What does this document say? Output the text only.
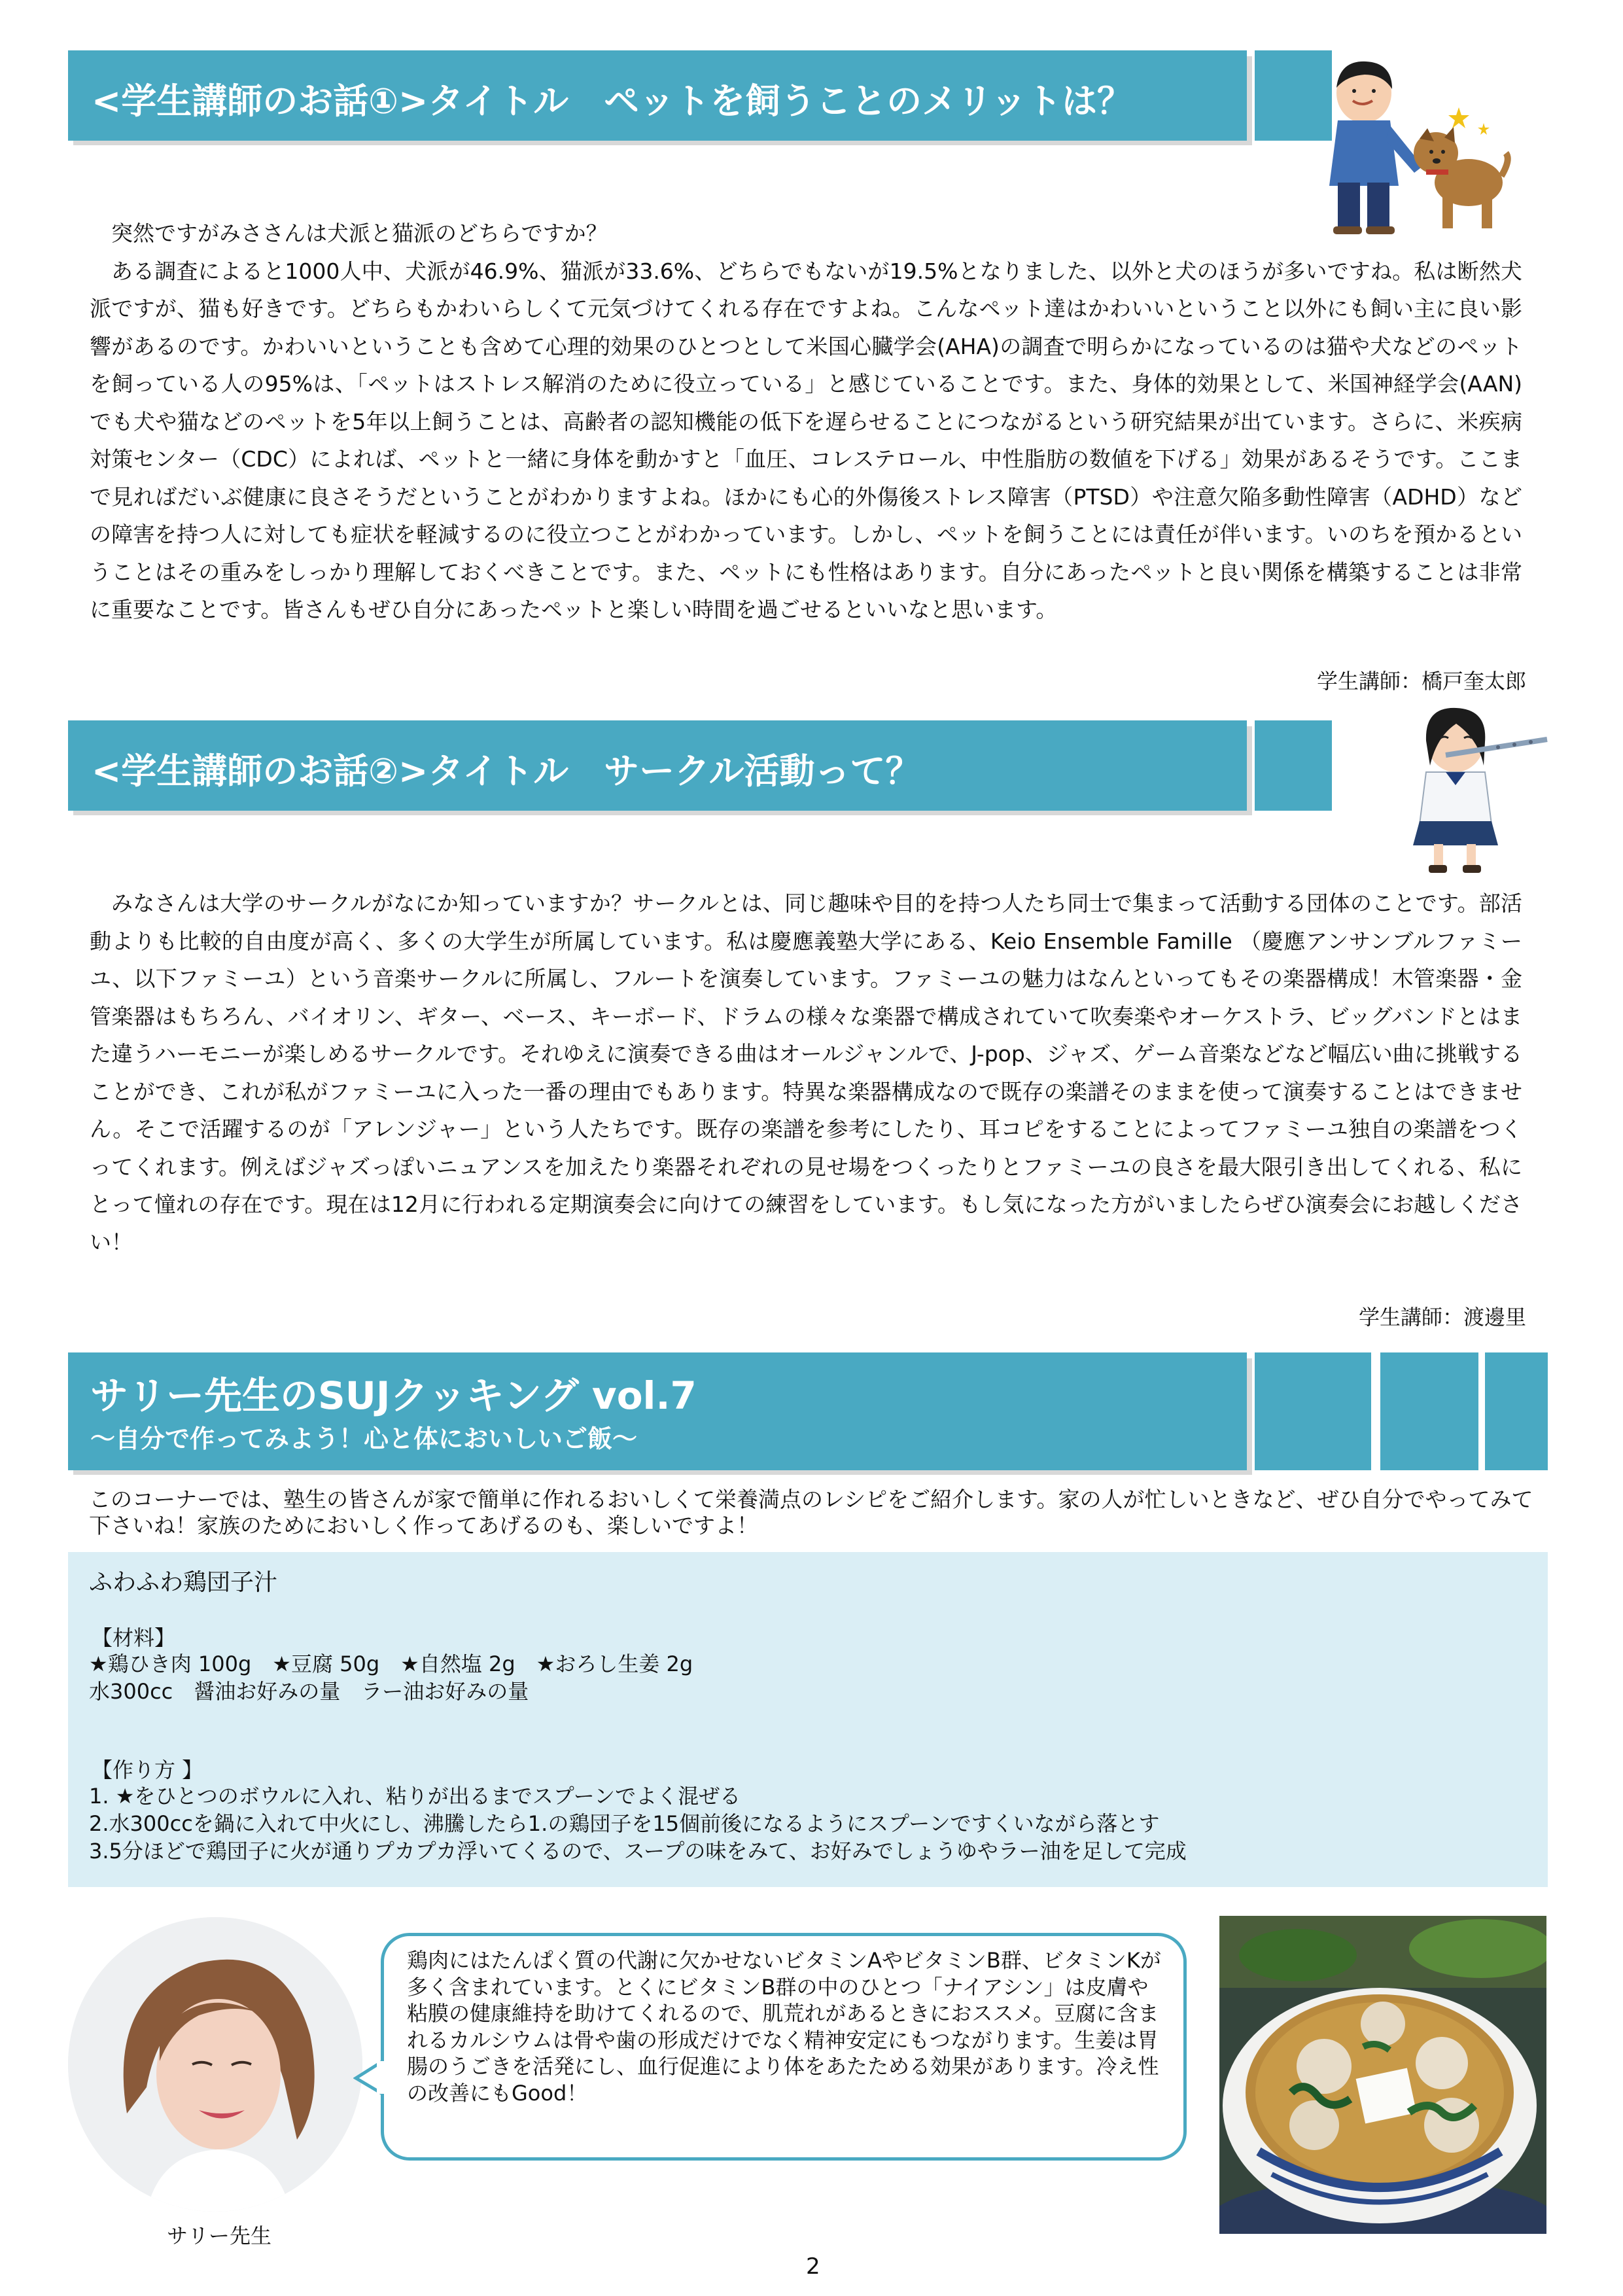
<学生講師のお話①>タイトル　ペットを飼うことのメリットは？

突然ですがみささんは犬派と猫派のどちらですか？

ある調査によると1000人中、犬派が46.9%、猫派が33.6%、どちらでもないが19.5%となりました、以外と犬のほうが多いですね。私は断然犬派ですが、猫も好きです。どちらもかわいらしくて元気づけてくれる存在ですよね。こんなペット達はかわいいということ以外にも飼い主に良い影響があるのです。かわいいということも含めて心理的効果のひとつとして米国心臓学会(AHA)の調査で明らかになっているのは猫や犬などのペットを飼っている人の95%は、「ペットはストレス解消のために役立っている」と感じていることです。また、身体的効果として、米国神経学会(AAN)でも犬や猫などのペットを5年以上飼うことは、高齢者の認知機能の低下を遅らせることにつながるという研究結果が出ています。さらに、米疾病対策センター（CDC）によれば、ペットと一緒に身体を動かすと「血圧、コレステロール、中性脂肪の数値を下げる」効果があるそうです。ここまで見ればだいぶ健康に良さそうだということがわかりますよね。ほかにも心的外傷後ストレス障害（PTSD）や注意欠陥多動性障害（ADHD）などの障害を持つ人に対しても症状を軽減するのに役立つことがわかっています。しかし、ペットを飼うことには責任が伴います。いのちを預かるということはその重みをしっかり理解しておくべきことです。また、ペットにも性格はあります。自分にあったペットと良い関係を構築することは非常に重要なことです。皆さんもぜひ自分にあったペットと楽しい時間を過ごせるといいなと思います。

学生講師：橋戸奎太郎
<学生講師のお話②>タイトル　サークル活動って？

みなさんは大学のサークルがなにか知っていますか？サークルとは、同じ趣味や目的を持つ人たち同士で集まって活動する団体のことです。部活動よりも比較的自由度が高く、多くの大学生が所属しています。私は慶應義塾大学にある、Keio Ensemble Famille （慶應アンサンブルファミーユ、以下ファミーユ）という音楽サークルに所属し、フルートを演奏しています。ファミーユの魅力はなんといってもその楽器構成！木管楽器・金管楽器はもちろん、バイオリン、ギター、ベース、キーボード、ドラムの様々な楽器で構成されていて吹奏楽やオーケストラ、ビッグバンドとはまた違うハーモニーが楽しめるサークルです。それゆえに演奏できる曲はオールジャンルで、J-pop、ジャズ、ゲーム音楽などなど幅広い曲に挑戦することができ、これが私がファミーユに入った一番の理由でもあります。特異な楽器構成なので既存の楽譜そのままを使って演奏することはできません。そこで活躍するのが「アレンジャー」という人たちです。既存の楽譜を参考にしたり、耳コピをすることによってファミーユ独自の楽譜をつくってくれます。例えばジャズっぽいニュアンスを加えたり楽器それぞれの見せ場をつくったりとファミーユの良さを最大限引き出してくれる、私にとって憧れの存在です。現在は12月に行われる定期演奏会に向けての練習をしています。もし気になった方がいましたらぜひ演奏会にお越しください！

学生講師：渡邊里
サリー先生のSUJクッキング vol.7
～自分で作ってみよう！心と体においしいご飯～
このコーナーでは、塾生の皆さんが家で簡単に作れるおいしくて栄養満点のレシピをご紹介します。家の人が忙しいときなど、ぜひ自分でやってみて下さいね！家族のためにおいしく作ってあげるのも、楽しいですよ！
ふわふわ鶏団子汁
【材料】
★鶏ひき肉 100g　★豆腐 50g　★自然塩 2g　★おろし生姜 2g
水300cc　醤油お好みの量　ラー油お好みの量
【作り方 】
1. ★をひとつのボウルに入れ、粘りが出るまでスプーンでよく混ぜる
2.水300ccを鍋に入れて中火にし、沸騰したら1.の鶏団子を15個前後になるようにスプーンですくいながら落とす
3.5分ほどで鶏団子に火が通りプカプカ浮いてくるので、スープの味をみて、お好みでしょうゆやラー油を足して完成
サリー先生
鶏肉にはたんぱく質の代謝に欠かせないビタミンAやビタミンB群、ビタミンKが多く含まれています。とくにビタミンB群の中のひとつ「ナイアシン」は皮膚や粘膜の健康維持を助けてくれるので、肌荒れがあるときにおススメ。豆腐に含まれるカルシウムは骨や歯の形成だけでなく精神安定にもつながります。生姜は胃腸のうごきを活発にし、血行促進により体をあたためる効果があります。冷え性の改善にもGood！
2
